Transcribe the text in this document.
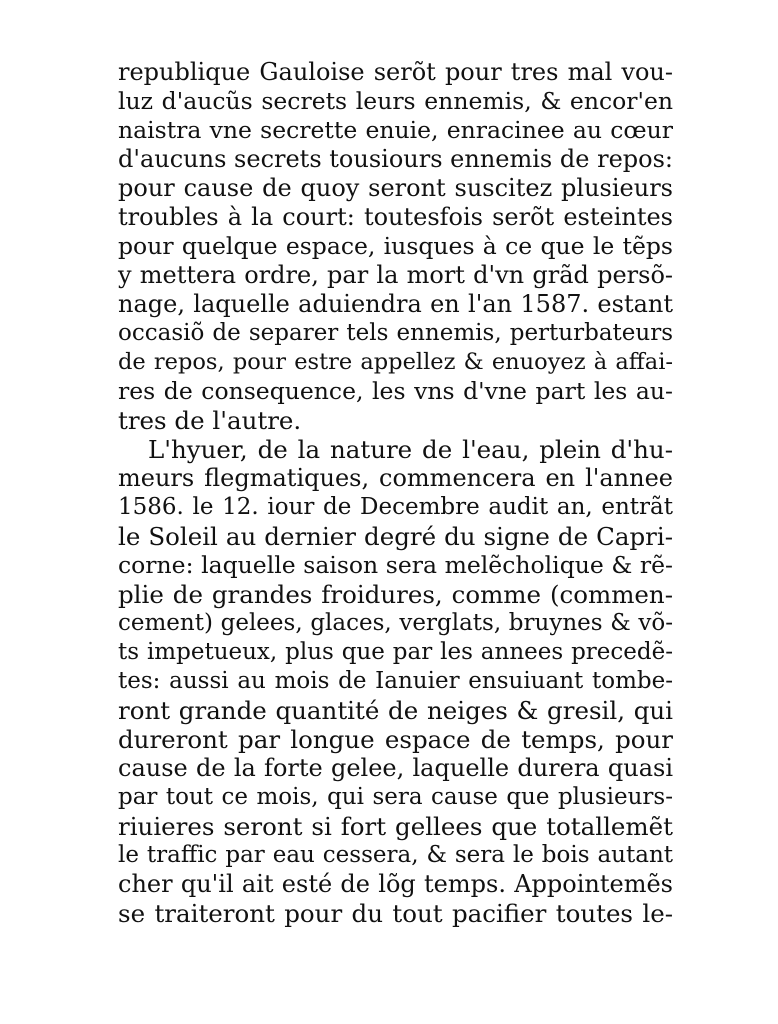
republique Gauloise serõt pour tres mal vou-
luz d'aucũs secrets leurs ennemis, & encor'en
naistra vne secrette enuie, enracinee au cœur
d'aucuns secrets tousiours ennemis de repos:
pour cause de quoy seront suscitez plusieurs
troubles à la court: toutesfois serõt esteintes
pour quelque espace, iusques à ce que le tẽps
y mettera ordre, par la mort d'vn grãd persõ-
nage, laquelle aduiendra en l'an 1587. estant
occasiõ de separer tels ennemis, perturbateurs
de repos, pour estre appellez & enuoyez à affai-
res de consequence, les vns d'vne part les au-
tres de l'autre.
L'hyuer, de la nature de l'eau, plein d'hu-
meurs flegmatiques, commencera en l'annee
1586. le 12. iour de Decembre audit an, entrãt
le Soleil au dernier degré du signe de Capri-
corne: laquelle saison sera melẽcholique & rẽ-
plie de grandes froidures, comme (commen-
cement) gelees, glaces, verglats, bruynes & võ-
ts impetueux, plus que par les annees precedẽ-
tes: aussi au mois de Ianuier ensuiuant tombe-
ront grande quantité de neiges & gresil, qui
dureront par longue espace de temps, pour
cause de la forte gelee, laquelle durera quasi
par tout ce mois, qui sera cause que plusieurs-
riuieres seront si fort gellees que totallemẽt
le traffic par eau cessera, & sera le bois autant
cher qu'il ait esté de lõg temps. Appointemẽs
se traiteront pour du tout pacifier toutes le-
